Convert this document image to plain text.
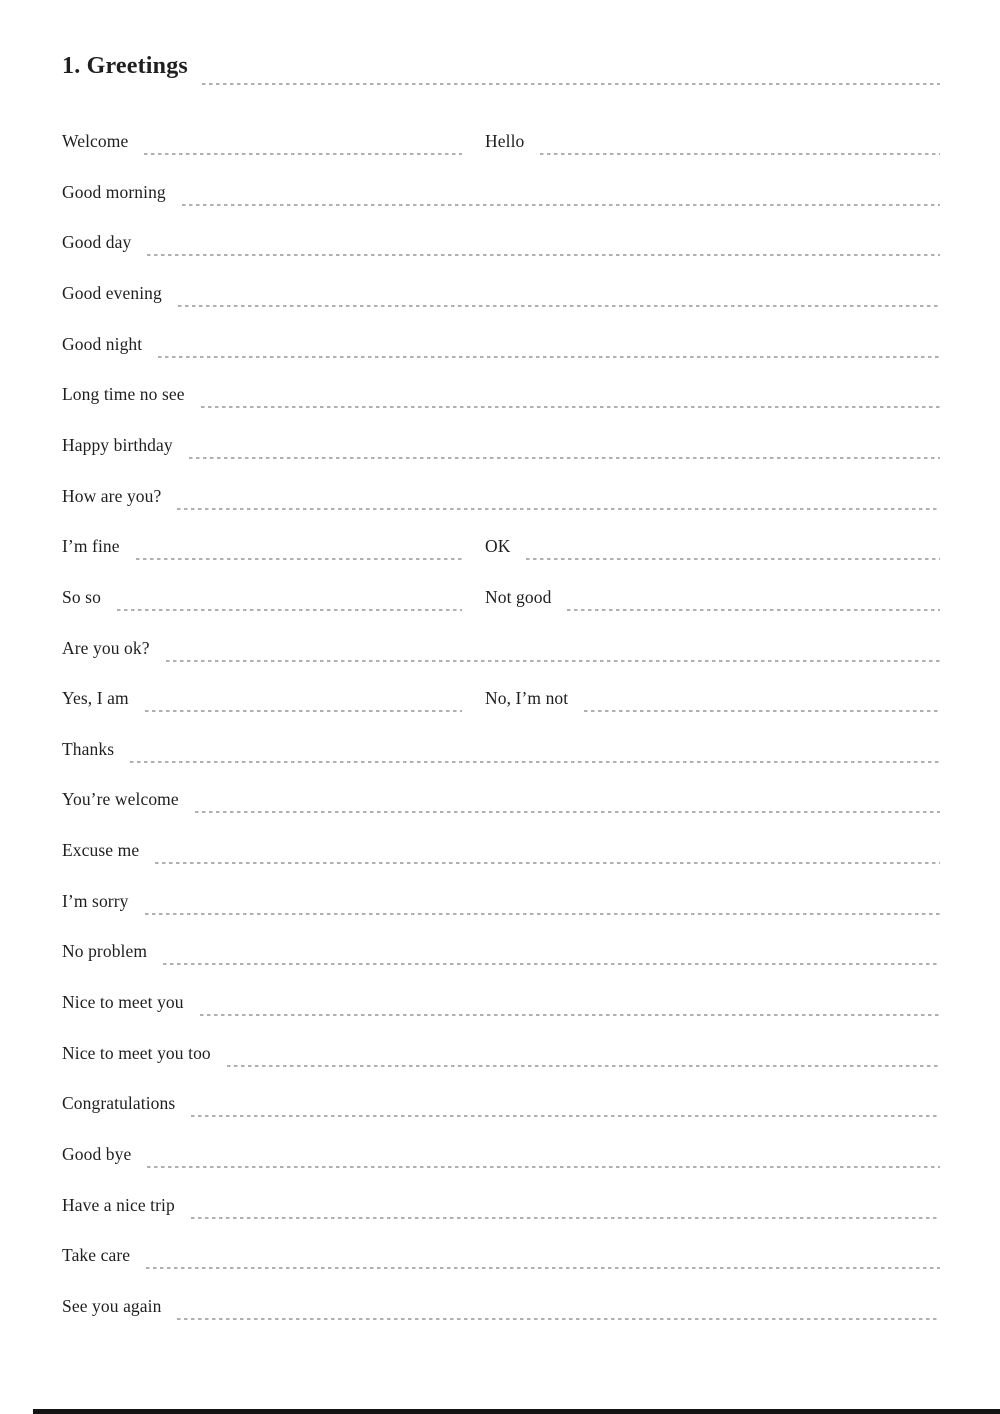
1. Greetings
Welcome	Hello
Good morning
Good day
Good evening
Good night
Long time no see
Happy birthday
How are you?
I’m fine	OK
So so	Not good
Are you ok?
Yes, I am	No, I’m not
Thanks
You’re welcome
Excuse me
I’m sorry
No problem
Nice to meet you
Nice to meet you too
Congratulations
Good bye
Have a nice trip
Take care
See you again
